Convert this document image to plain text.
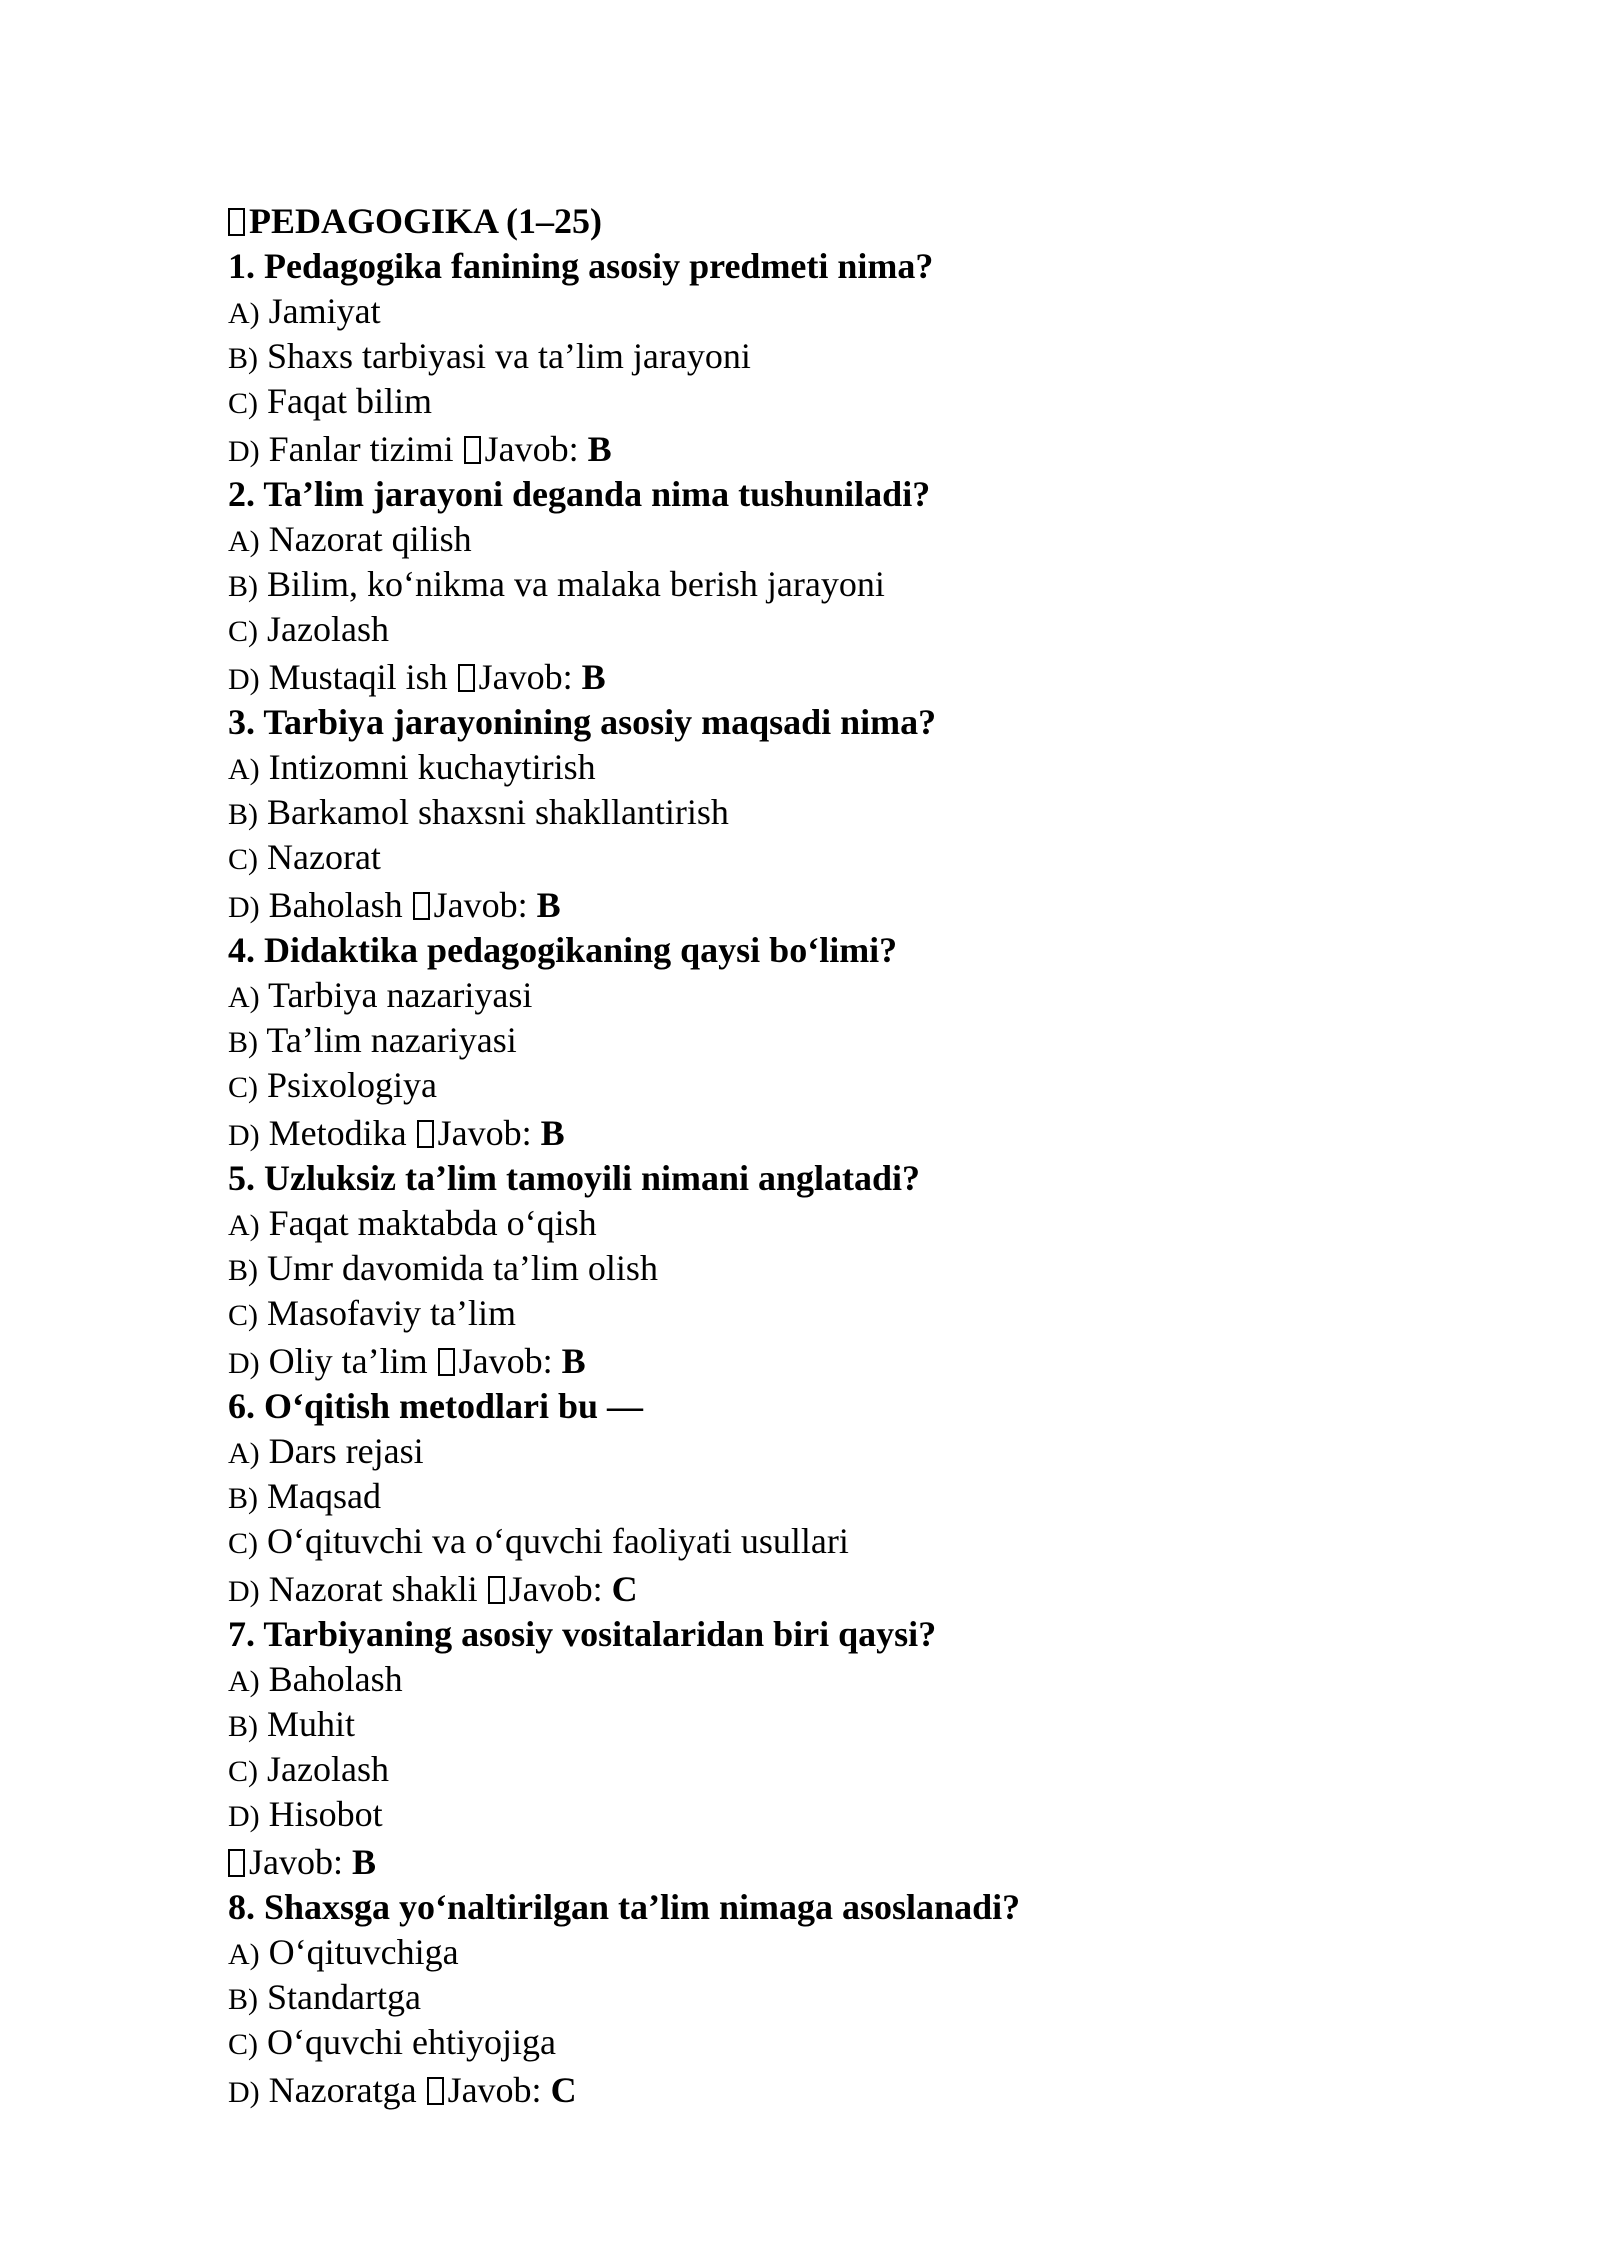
PEDAGOGIKA (1–25)
1. Pedagogika fanining asosiy predmeti nima?
A) Jamiyat
B) Shaxs tarbiyasi va ta’lim jarayoni
C) Faqat bilim
D) Fanlar tizimi Javob: B
2. Ta’lim jarayoni deganda nima tushuniladi?
A) Nazorat qilish
B) Bilim, koʻnikma va malaka berish jarayoni
C) Jazolash
D) Mustaqil ish Javob: B
3. Tarbiya jarayonining asosiy maqsadi nima?
A) Intizomni kuchaytirish
B) Barkamol shaxsni shakllantirish
C) Nazorat
D) Baholash Javob: B
4. Didaktika pedagogikaning qaysi boʻlimi?
A) Tarbiya nazariyasi
B) Ta’lim nazariyasi
C) Psixologiya
D) Metodika Javob: B
5. Uzluksiz ta’lim tamoyili nimani anglatadi?
A) Faqat maktabda oʻqish
B) Umr davomida ta’lim olish
C) Masofaviy ta’lim
D) Oliy ta’lim Javob: B
6. Oʻqitish metodlari bu —
A) Dars rejasi
B) Maqsad
C) Oʻqituvchi va oʻquvchi faoliyati usullari
D) Nazorat shakli Javob: C
7. Tarbiyaning asosiy vositalaridan biri qaysi?
A) Baholash
B) Muhit
C) Jazolash
D) Hisobot
Javob: B
8. Shaxsga yoʻnaltirilgan ta’lim nimaga asoslanadi?
A) Oʻqituvchiga
B) Standartga
C) Oʻquvchi ehtiyojiga
D) Nazoratga Javob: C
